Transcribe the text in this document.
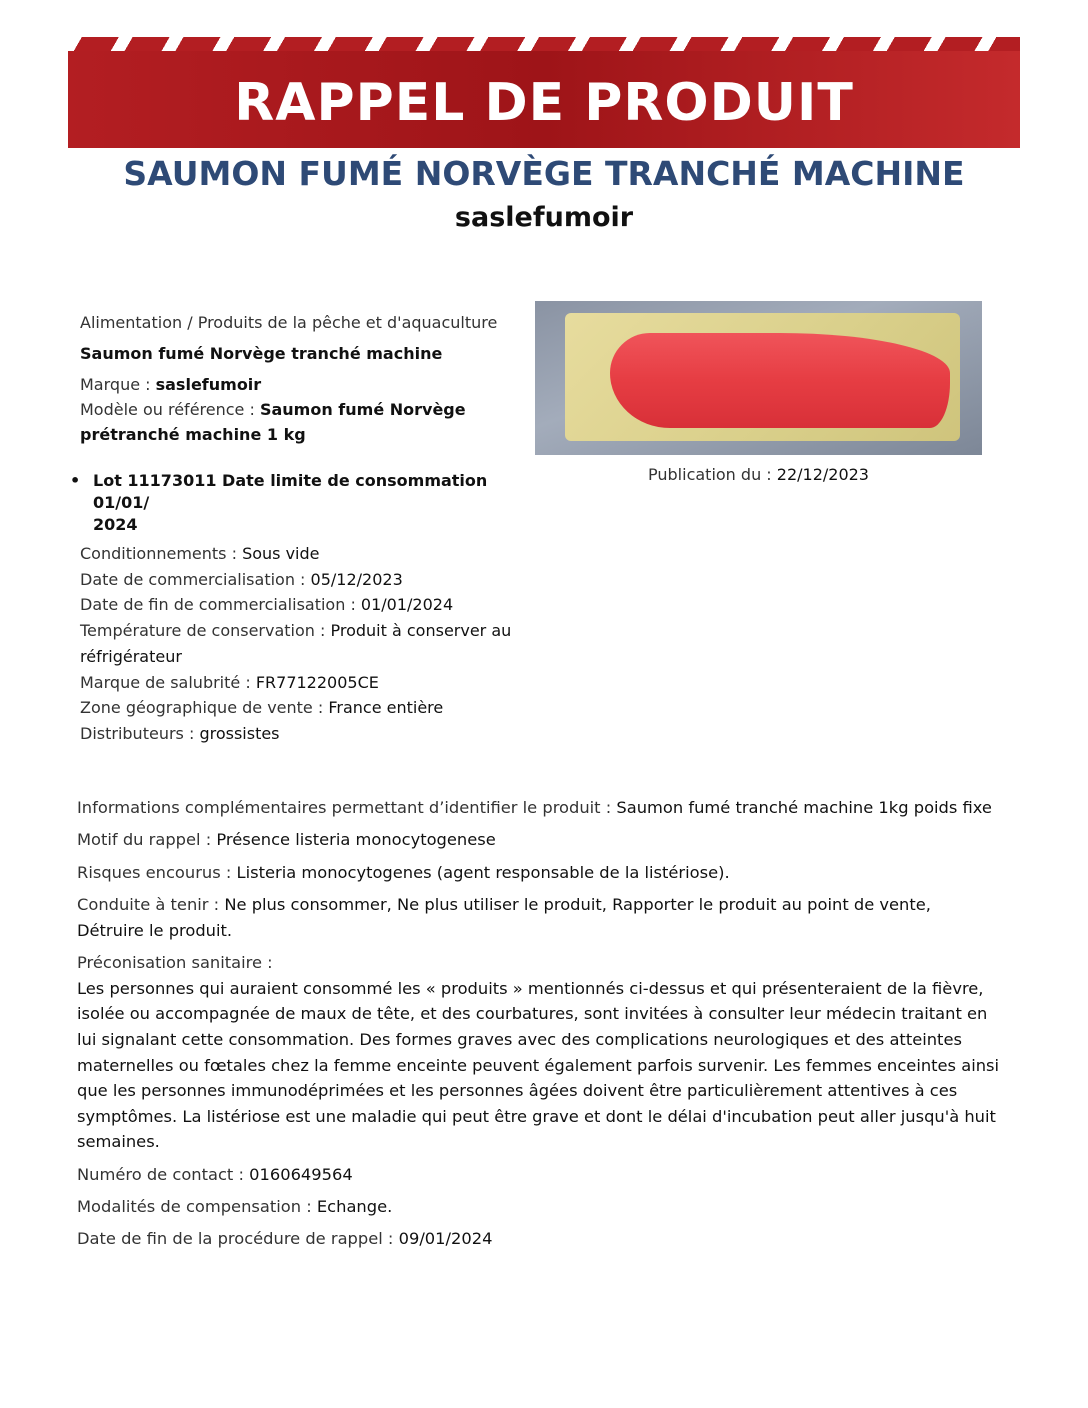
RAPPEL DE PRODUIT
SAUMON FUMÉ NORVÈGE TRANCHÉ MACHINE
saslefumoir

Alimentation / Produits de la pêche et d'aquaculture

Saumon fumé Norvège tranché machine

Marque : saslefumoir

Modèle ou référence : Saumon fumé Norvège

prétranché machine 1 kg

• Lot 11173011 Date limite de consommation 01/01/
2024

Conditionnements : Sous vide

Date de commercialisation : 05/12/2023

Date de fin de commercialisation : 01/01/2024

Température de conservation : Produit à conserver au

réfrigérateur

Marque de salubrité : FR77122005CE

Zone géographique de vente : France entière

Distributeurs : grossistes

Publication du : 22/12/2023

Informations complémentaires permettant d’identifier le produit : Saumon fumé tranché machine 1kg poids fixe

Motif du rappel : Présence listeria monocytogenese

Risques encourus : Listeria monocytogenes (agent responsable de la listériose).

Conduite à tenir : Ne plus consommer, Ne plus utiliser le produit, Rapporter le produit au point de vente,
Détruire le produit.

Préconisation sanitaire :

Les personnes qui auraient consommé les « produits » mentionnés ci-dessus et qui présenteraient de la fièvre,
isolée ou accompagnée de maux de tête, et des courbatures, sont invitées à consulter leur médecin traitant en
lui signalant cette consommation. Des formes graves avec des complications neurologiques et des atteintes
maternelles ou fœtales chez la femme enceinte peuvent également parfois survenir. Les femmes enceintes ainsi
que les personnes immunodéprimées et les personnes âgées doivent être particulièrement attentives à ces
symptômes. La listériose est une maladie qui peut être grave et dont le délai d'incubation peut aller jusqu'à huit
semaines.

Numéro de contact : 0160649564

Modalités de compensation : Echange.

Date de fin de la procédure de rappel : 09/01/2024
